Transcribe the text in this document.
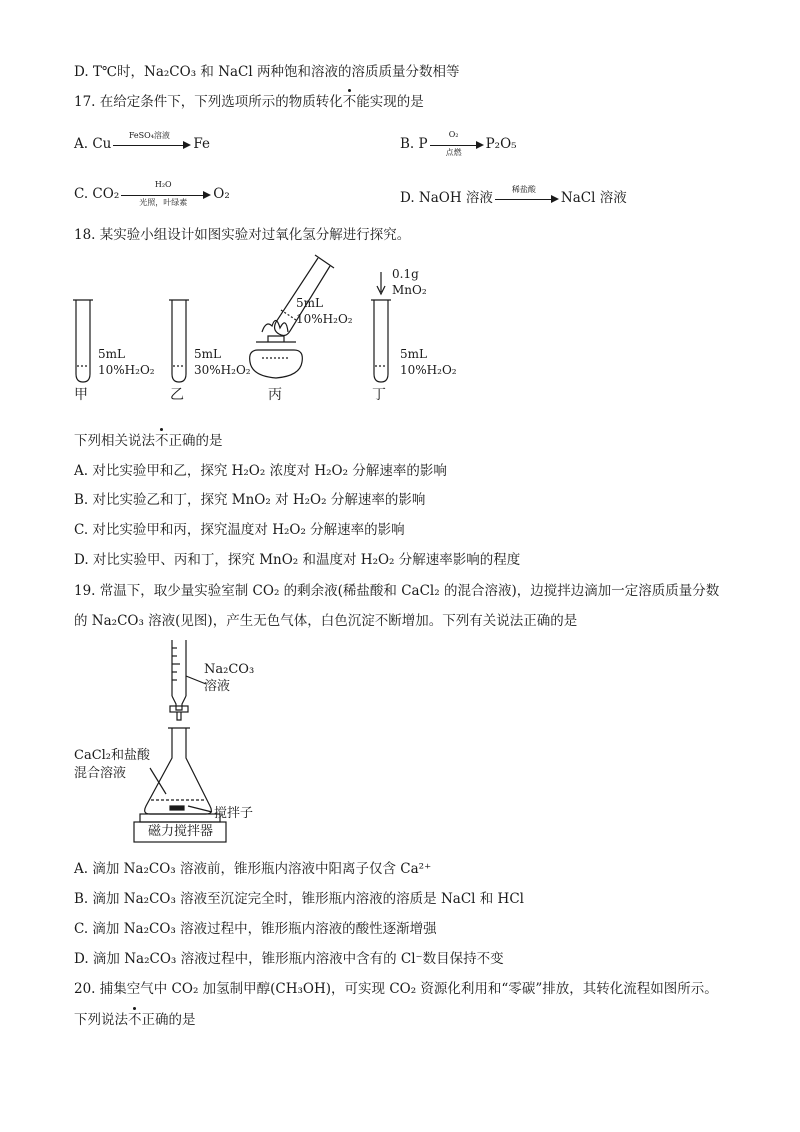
D. T℃时，Na₂CO₃ 和 NaCl 两种饱和溶液的溶质质量分数相等
17. 在给定条件下，下列选项所示的物质转化不能实现的是
A. Cu
FeSO₄溶液
Fe	B. P
O₂
点燃	P₂O₅
C. CO₂
H₂O
光照，叶绿素	O₂	D. NaOH 溶液
稀盐酸
NaCl 溶液
18. 某实验小组设计如图实验对过氧化氢分解进行探究。
5mL
10%H₂O₂
甲
5mL
30%H₂O₂
乙
5mL
10%H₂O₂
丙
0.1g
MnO₂
5mL
10%H₂O₂
丁
下列相关说法不正确的是
A. 对比实验甲和乙，探究 H₂O₂ 浓度对 H₂O₂ 分解速率的影响
B. 对比实验乙和丁，探究 MnO₂ 对 H₂O₂ 分解速率的影响
C. 对比实验甲和丙，探究温度对 H₂O₂ 分解速率的影响
D. 对比实验甲、丙和丁，探究 MnO₂ 和温度对 H₂O₂ 分解速率影响的程度
19. 常温下，取少量实验室制 CO₂ 的剩余液(稀盐酸和 CaCl₂ 的混合溶液)，边搅拌边滴加一定溶质质量分数
的 Na₂CO₃ 溶液(见图)，产生无色气体，白色沉淀不断增加。下列有关说法正确的是
Na₂CO₃
溶液
CaCl₂和盐酸
混合溶液
搅拌子
磁力搅拌器
A. 滴加 Na₂CO₃ 溶液前，锥形瓶内溶液中阳离子仅含 Ca²⁺
B. 滴加 Na₂CO₃ 溶液至沉淀完全时，锥形瓶内溶液的溶质是 NaCl 和 HCl
C. 滴加 Na₂CO₃ 溶液过程中，锥形瓶内溶液的酸性逐渐增强
D. 滴加 Na₂CO₃ 溶液过程中，锥形瓶内溶液中含有的 Cl⁻数目保持不变
20. 捕集空气中 CO₂ 加氢制甲醇(CH₃OH)，可实现 CO₂ 资源化利用和“零碳”排放，其转化流程如图所示。
下列说法不正确的是
